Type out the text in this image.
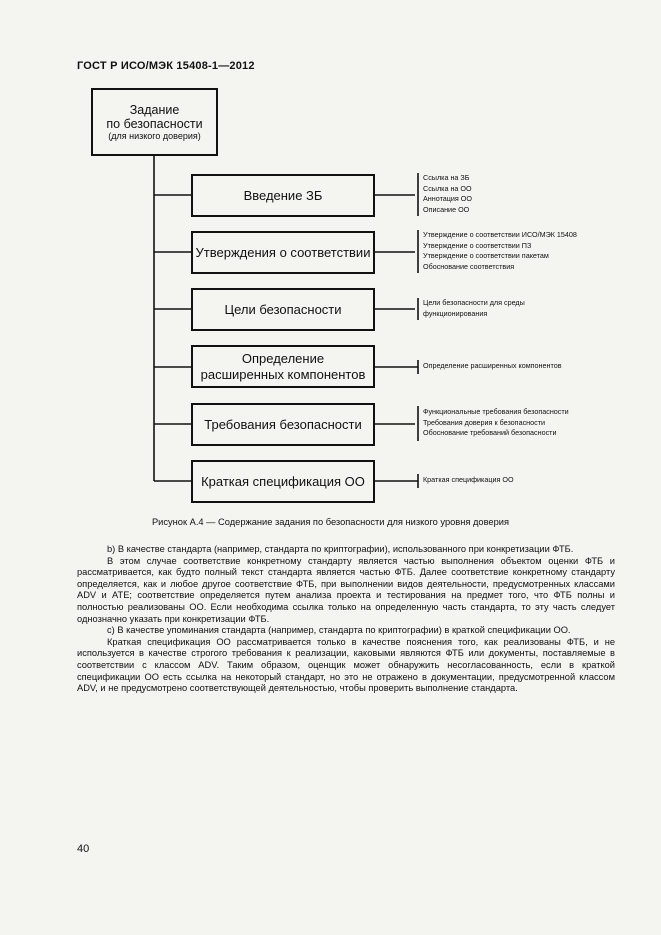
ГОСТ Р ИСО/МЭК 15408-1—2012
Задание
по безопасности
(для низкого доверия)
Введение ЗБ
Утверждения о соответствии
Цели безопасности
Определение расширенных компонентов
Требования безопасности
Краткая спецификация ОО
Ссылка на ЗБ
Ссылка на ОО
Аннотация ОО
Описание ОО
Утверждение о соответствии ИСО/МЭК 15408
Утверждение о соответствии ПЗ
Утверждение о соответствии пакетам
Обоснование соответствия
Цели безопасности для среды
функционирования
Определение расширенных компонентов
Функциональные требования безопасности
Требования доверия к безопасности
Обоснование требований безопасности
Краткая спецификация ОО
Рисунок А.4 — Содержание задания по безопасности для низкого уровня доверия

b) В качестве стандарта (например, стандарта по криптографии), использованного при конкретизации ФТБ.

В этом случае соответствие конкретному стандарту является частью выполнения объектом оценки ФТБ и рассматривается, как будто полный текст стандарта является частью ФТБ. Далее соответствие конкретному стандарту определяется, как и любое другое соответствие ФТБ, при выполнении видов деятельности, предусмотренных классами ADV и ATE; соответствие определяется путем анализа проекта и тестирования на предмет того, что ФТБ полны и полностью реализованы ОО. Если необходима ссылка только на определенную часть стандарта, то эту часть следует однозначно указать при конкретизации ФТБ.

c) В качестве упоминания стандарта (например, стандарта по криптографии) в краткой спецификации ОО.

Краткая спецификация ОО рассматривается только в качестве пояснения того, как реализованы ФТБ, и не используется в качестве строгого требования к реализации, каковыми являются ФТБ или документы, поставляемые в соответствии с классом ADV. Таким образом, оценщик может обнаружить несогласованность, если в краткой спецификации ОО есть ссылка на некоторый стандарт, но это не отражено в документации, предусмотренной классом ADV, и не предусмотрено соответствующей деятельностью, чтобы проверить выполнение стандарта.

40
